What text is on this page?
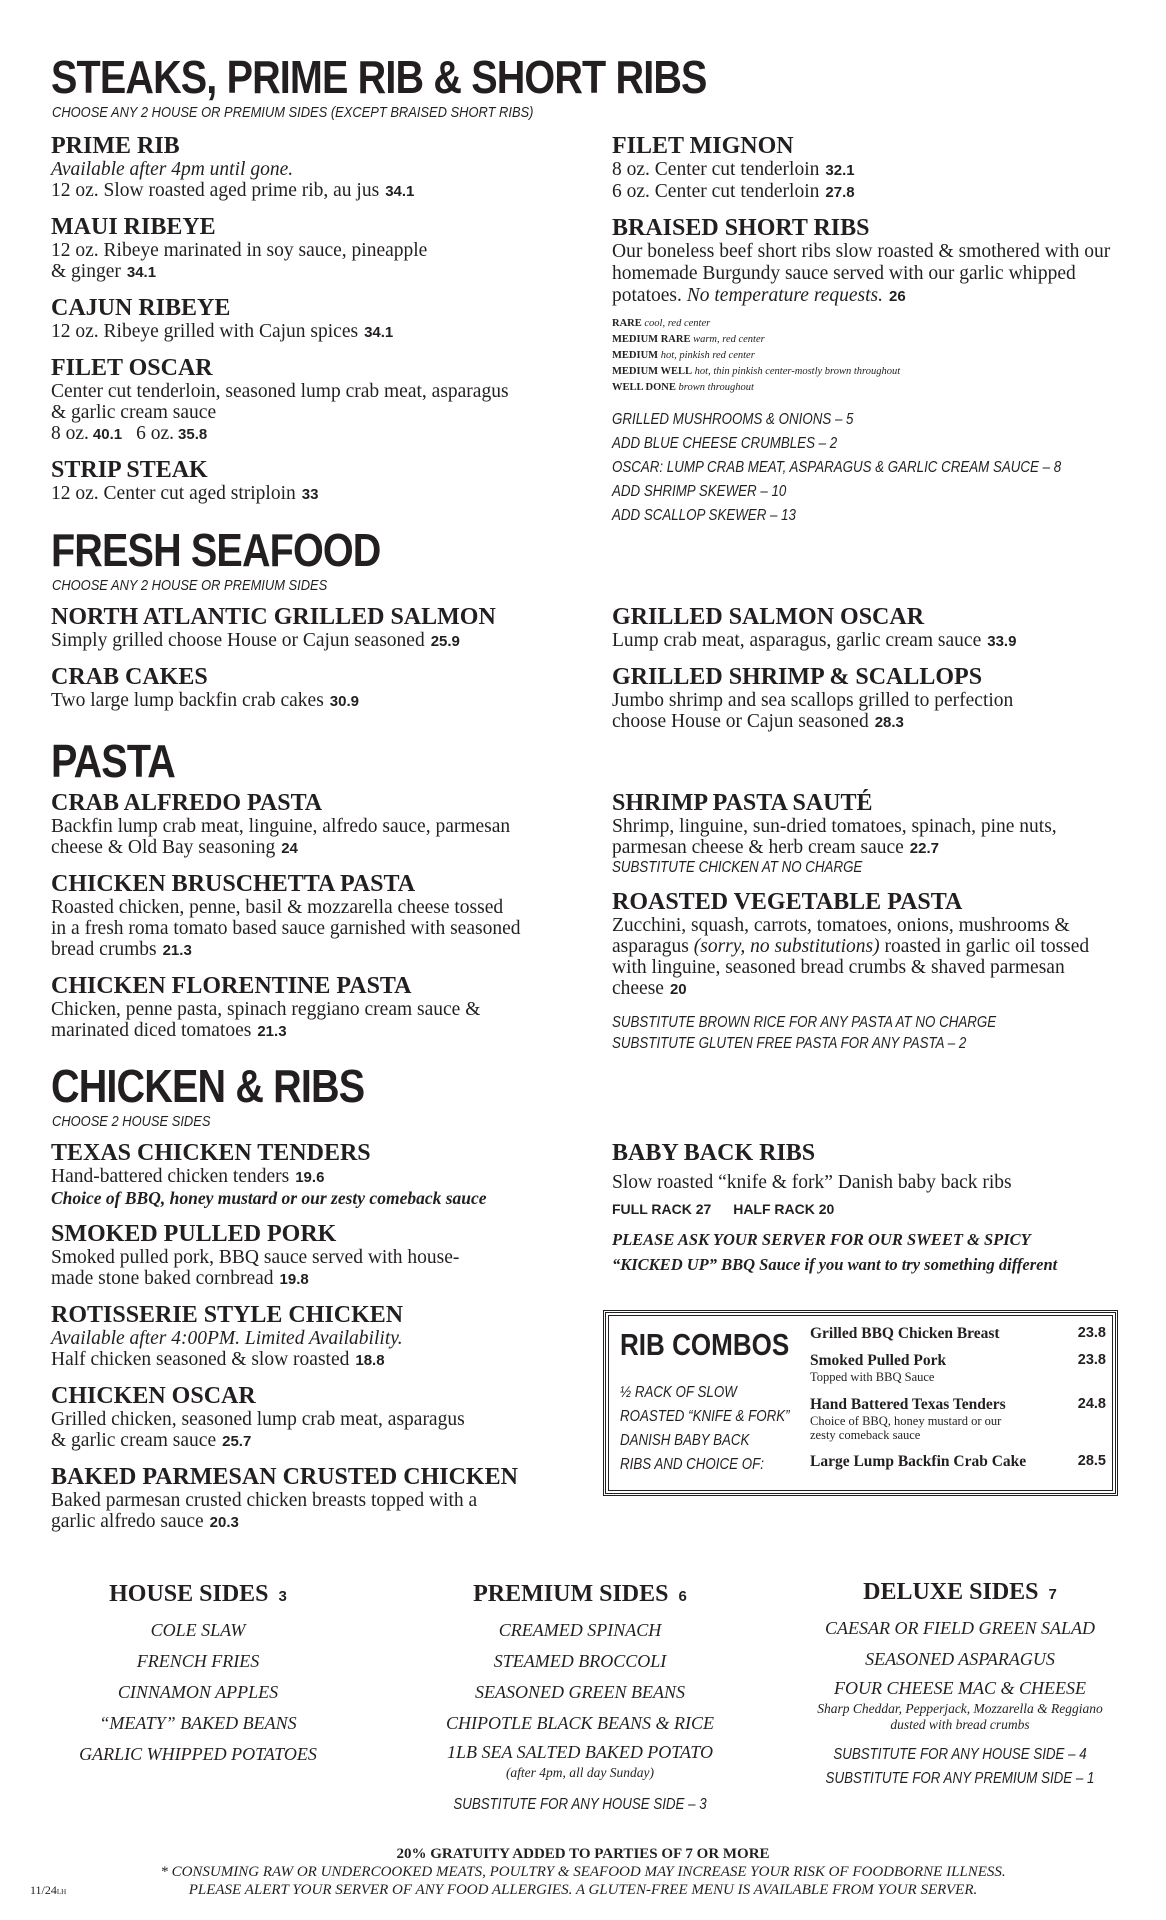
STEAKS, PRIME RIB & SHORT RIBS
CHOOSE ANY 2 HOUSE OR PREMIUM SIDES (EXCEPT BRAISED SHORT RIBS)
PRIME RIB
Available after 4pm until gone.
12 oz. Slow roasted aged prime rib, au jus 34.1
MAUI RIBEYE
12 oz. Ribeye marinated in soy sauce, pineapple & ginger 34.1
CAJUN RIBEYE
12 oz. Ribeye grilled with Cajun spices 34.1
FILET OSCAR
Center cut tenderloin, seasoned lump crab meat, asparagus & garlic cream sauce
8 oz. 40.1 6 oz. 35.8
STRIP STEAK
12 oz. Center cut aged striploin 33
FILET MIGNON
8 oz. Center cut tenderloin 32.1
6 oz. Center cut tenderloin 27.8
BRAISED SHORT RIBS
Our boneless beef short ribs slow roasted & smothered with our homemade Burgundy sauce served with our garlic whipped potatoes. No temperature requests. 26
RARE cool, red center
MEDIUM RARE warm, red center
MEDIUM hot, pinkish red center
MEDIUM WELL hot, thin pinkish center-mostly brown throughout
WELL DONE brown throughout
GRILLED MUSHROOMS & ONIONS – 5
ADD BLUE CHEESE CRUMBLES – 2
OSCAR: LUMP CRAB MEAT, ASPARAGUS & GARLIC CREAM SAUCE – 8
ADD SHRIMP SKEWER – 10
ADD SCALLOP SKEWER – 13
FRESH SEAFOOD
CHOOSE ANY 2 HOUSE OR PREMIUM SIDES
NORTH ATLANTIC GRILLED SALMON
Simply grilled choose House or Cajun seasoned 25.9
CRAB CAKES
Two large lump backfin crab cakes 30.9
GRILLED SALMON OSCAR
Lump crab meat, asparagus, garlic cream sauce 33.9
GRILLED SHRIMP & SCALLOPS
Jumbo shrimp and sea scallops grilled to perfection choose House or Cajun seasoned 28.3
PASTA
CRAB ALFREDO PASTA
Backfin lump crab meat, linguine, alfredo sauce, parmesan cheese & Old Bay seasoning 24
CHICKEN BRUSCHETTA PASTA
Roasted chicken, penne, basil & mozzarella cheese tossed in a fresh roma tomato based sauce garnished with seasoned bread crumbs 21.3
CHICKEN FLORENTINE PASTA
Chicken, penne pasta, spinach reggiano cream sauce & marinated diced tomatoes 21.3
SHRIMP PASTA SAUTÉ
Shrimp, linguine, sun-dried tomatoes, spinach, pine nuts, parmesan cheese & herb cream sauce 22.7
SUBSTITUTE CHICKEN AT NO CHARGE
ROASTED VEGETABLE PASTA
Zucchini, squash, carrots, tomatoes, onions, mushrooms & asparagus (sorry, no substitutions) roasted in garlic oil tossed with linguine, seasoned bread crumbs & shaved parmesan cheese 20
SUBSTITUTE BROWN RICE FOR ANY PASTA AT NO CHARGE
SUBSTITUTE GLUTEN FREE PASTA FOR ANY PASTA – 2
CHICKEN & RIBS
CHOOSE 2 HOUSE SIDES
TEXAS CHICKEN TENDERS
Hand-battered chicken tenders 19.6
Choice of BBQ, honey mustard or our zesty comeback sauce
SMOKED PULLED PORK
Smoked pulled pork, BBQ sauce served with house-made stone baked cornbread 19.8
ROTISSERIE STYLE CHICKEN
Available after 4:00PM. Limited Availability.
Half chicken seasoned & slow roasted 18.8
CHICKEN OSCAR
Grilled chicken, seasoned lump crab meat, asparagus & garlic cream sauce 25.7
BAKED PARMESAN CRUSTED CHICKEN
Baked parmesan crusted chicken breasts topped with a garlic alfredo sauce 20.3
BABY BACK RIBS
Slow roasted “knife & fork” Danish baby back ribs
FULL RACK 27 HALF RACK 20
PLEASE ASK YOUR SERVER FOR OUR SWEET & SPICY
“KICKED UP” BBQ Sauce if you want to try something different
RIB COMBOS
½ RACK OF SLOW
ROASTED “KNIFE & FORK”
DANISH BABY BACK
RIBS AND CHOICE OF:
Grilled BBQ Chicken Breast	23.8
Smoked Pulled Pork
Topped with BBQ Sauce
23.8
Hand Battered Texas Tenders
Choice of BBQ, honey mustard or our zesty comeback sauce
24.8
Large Lump Backfin Crab Cake	28.5
HOUSE SIDES 3
COLE SLAW
FRENCH FRIES
CINNAMON APPLES
“MEATY” BAKED BEANS
GARLIC WHIPPED POTATOES
PREMIUM SIDES 6
CREAMED SPINACH
STEAMED BROCCOLI
SEASONED GREEN BEANS
CHIPOTLE BLACK BEANS & RICE
1LB SEA SALTED BAKED POTATO
(after 4pm, all day Sunday)
SUBSTITUTE FOR ANY HOUSE SIDE – 3
DELUXE SIDES 7
CAESAR OR FIELD GREEN SALAD
SEASONED ASPARAGUS
FOUR CHEESE MAC & CHEESE
Sharp Cheddar, Pepperjack, Mozzarella & Reggiano dusted with bread crumbs
SUBSTITUTE FOR ANY HOUSE SIDE – 4
SUBSTITUTE FOR ANY PREMIUM SIDE – 1
20% GRATUITY ADDED TO PARTIES OF 7 OR MORE
* CONSUMING RAW OR UNDERCOOKED MEATS, POULTRY & SEAFOOD MAY INCREASE YOUR RISK OF FOODBORNE ILLNESS.
PLEASE ALERT YOUR SERVER OF ANY FOOD ALLERGIES. A GLUTEN-FREE MENU IS AVAILABLE FROM YOUR SERVER.
11/24LH
